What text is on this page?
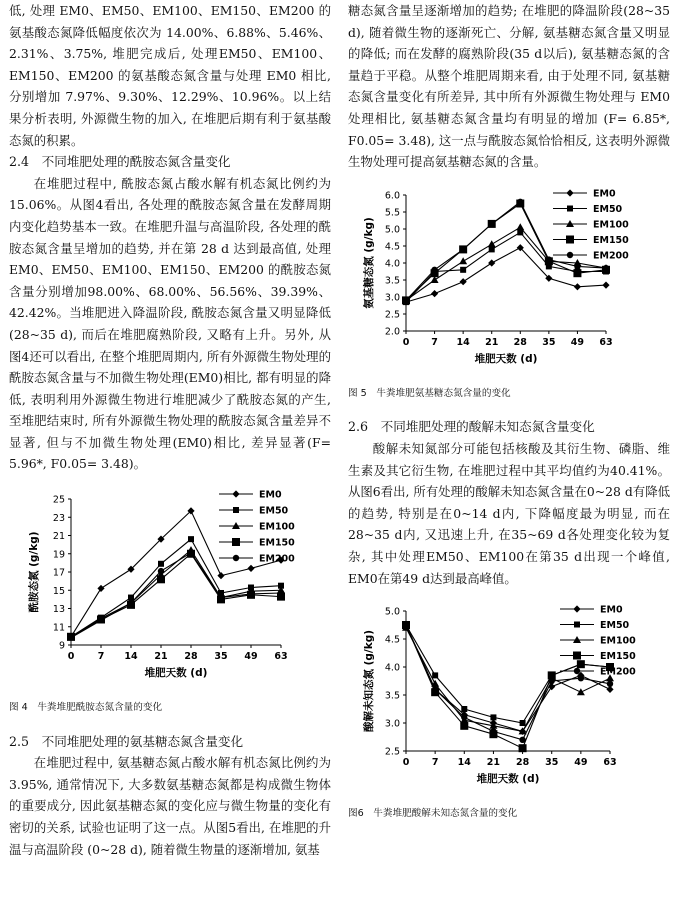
低, 处理 EM0、EM50、EM100、EM150、EM200 的氨基酸态氮降低幅度依次为 14.00%、6.88%、5.46%、2.31%、3.75%, 堆肥完成后, 处理EM50、EM100、EM150、EM200 的氨基酸态氮含量与处理 EM0 相比, 分别增加 7.97%、9.30%、12.29%、10.96%。以上结果分析表明, 外源微生物的加入, 在堆肥后期有利于氨基酸态氮的积累。

2.4　不同堆肥处理的酰胺态氮含量变化

在堆肥过程中, 酰胺态氮占酸水解有机态氮比例约为15.06%。从图4看出, 各处理的酰胺态氮含量在发酵周期内变化趋势基本一致。在堆肥升温与高温阶段, 各处理的酰胺态氮含量呈增加的趋势, 并在第 28 d 达到最高值, 处理 EM0、EM50、EM100、EM150、EM200 的酰胺态氮含量分别增加98.00%、68.00%、56.56%、39.39%、42.42%。当堆肥进入降温阶段, 酰胺态氮含量又明显降低(28~35 d), 而后在堆肥腐熟阶段, 又略有上升。另外, 从图4还可以看出, 在整个堆肥周期内, 所有外源微生物处理的酰胺态氮含量与不加微生物处理(EM0)相比, 都有明显的降低, 表明利用外源微生物进行堆肥减少了酰胺态氮的产生, 至堆肥结束时, 所有外源微生物处理的酰胺态氮含量差异不显著, 但与不加微生物处理(EM0)相比, 差异显著(F= 5.96*, F0.05= 3.48)。

9
11
13
15
17
19
21
23
25
0 7 14 21 28 35 49 63
堆肥天数 (d)
酰胺态氮 (g/kg)
EM0
EM50
EM100
EM150
EM200

图 4　牛粪堆肥酰胺态氮含量的变化

2.5　不同堆肥处理的氨基糖态氮含量变化

在堆肥过程中, 氨基糖态氮占酸水解有机态氮比例约为 3.95%, 通常情况下, 大多数氨基糖态氮都是构成微生物体的重要成分, 因此氨基糖态氮的变化应与微生物量的变化有密切的关系, 试验也证明了这一点。从图5看出, 在堆肥的升温与高温阶段 (0~28 d), 随着微生物量的逐渐增加, 氨基

糖态氮含量呈逐渐增加的趋势; 在堆肥的降温阶段(28~35 d), 随着微生物的逐渐死亡、分解, 氨基糖态氮含量又明显的降低; 而在发酵的腐熟阶段(35 d以后), 氨基糖态氮的含量趋于平稳。从整个堆肥周期来看, 由于处理不同, 氨基糖态氮含量变化有所差异, 其中所有外源微生物处理与 EM0 处理相比, 氨基糖态氮含量均有明显的增加 (F= 6.85*, F0.05= 3.48), 这一点与酰胺态氮恰恰相反, 这表明外源微生物处理可提高氨基糖态氮的含量。

2.0
2.5
3.0
3.5
4.0
4.5
5.0
5.5
6.0
0 7 14 21 28 35 49 63
堆肥天数 (d)
氨基糖态氮 (g/kg)
EM0
EM50
EM100
EM150
EM200

图 5　牛粪堆肥氨基糖态氮含量的变化

2.6　不同堆肥处理的酸解未知态氮含量变化

酸解未知氮部分可能包括核酸及其衍生物、磷脂、维生素及其它衍生物, 在堆肥过程中其平均值约为40.41%。从图6看出, 所有处理的酸解未知态氮含量在0~28 d有降低的趋势, 特别是在0~14 d内, 下降幅度最为明显, 而在28~35 d内, 又迅速上升, 在35~69 d各处理变化较为复杂, 其中处理EM50、EM100在第35 d出现一个峰值, EM0在第49 d达到最高峰值。

2.5
3.0
3.5
4.0
4.5
5.0
0 7 14 21 28 35 49 63
堆肥天数 (d)
酸解未知态氮 (g/kg)
EM0
EM50
EM100
EM150
EM200

图6　牛粪堆肥酸解未知态氮含量的变化
